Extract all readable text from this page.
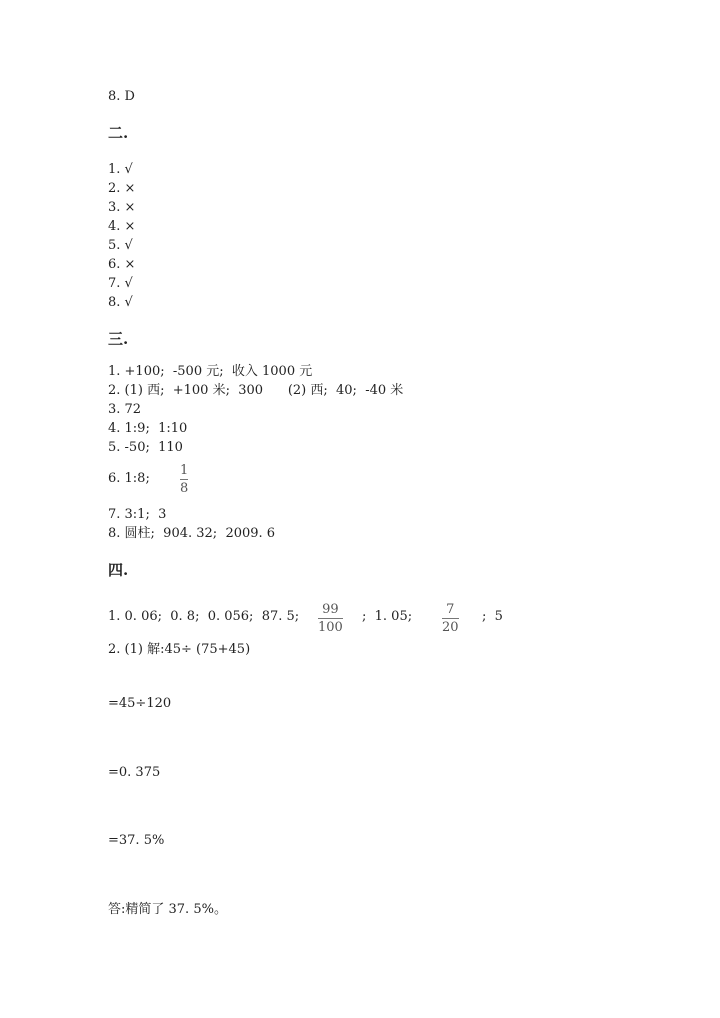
8. D
二.
1. √
2. ×
3. ×
4. ×
5. √
6. ×
7. √
8. √
三.
1. +100;  -500 元;  收入 1000 元
2. (1) 西;  +100 米;  300      (2) 西;  40;  -40 米
3. 72
4. 1:9;  1:10
5. -50;  110
6. 1:8;
1
8
7. 3:1;  3
8. 圆柱;  904. 32;  2009. 6
四.
1. 0. 06;  0. 8;  0. 056;  87. 5; 99
100
;  1. 05;	7
20
;  5
2. (1) 解:45÷ (75+45)
=45÷120
=0. 375
=37. 5%
答:精简了 37. 5%。
